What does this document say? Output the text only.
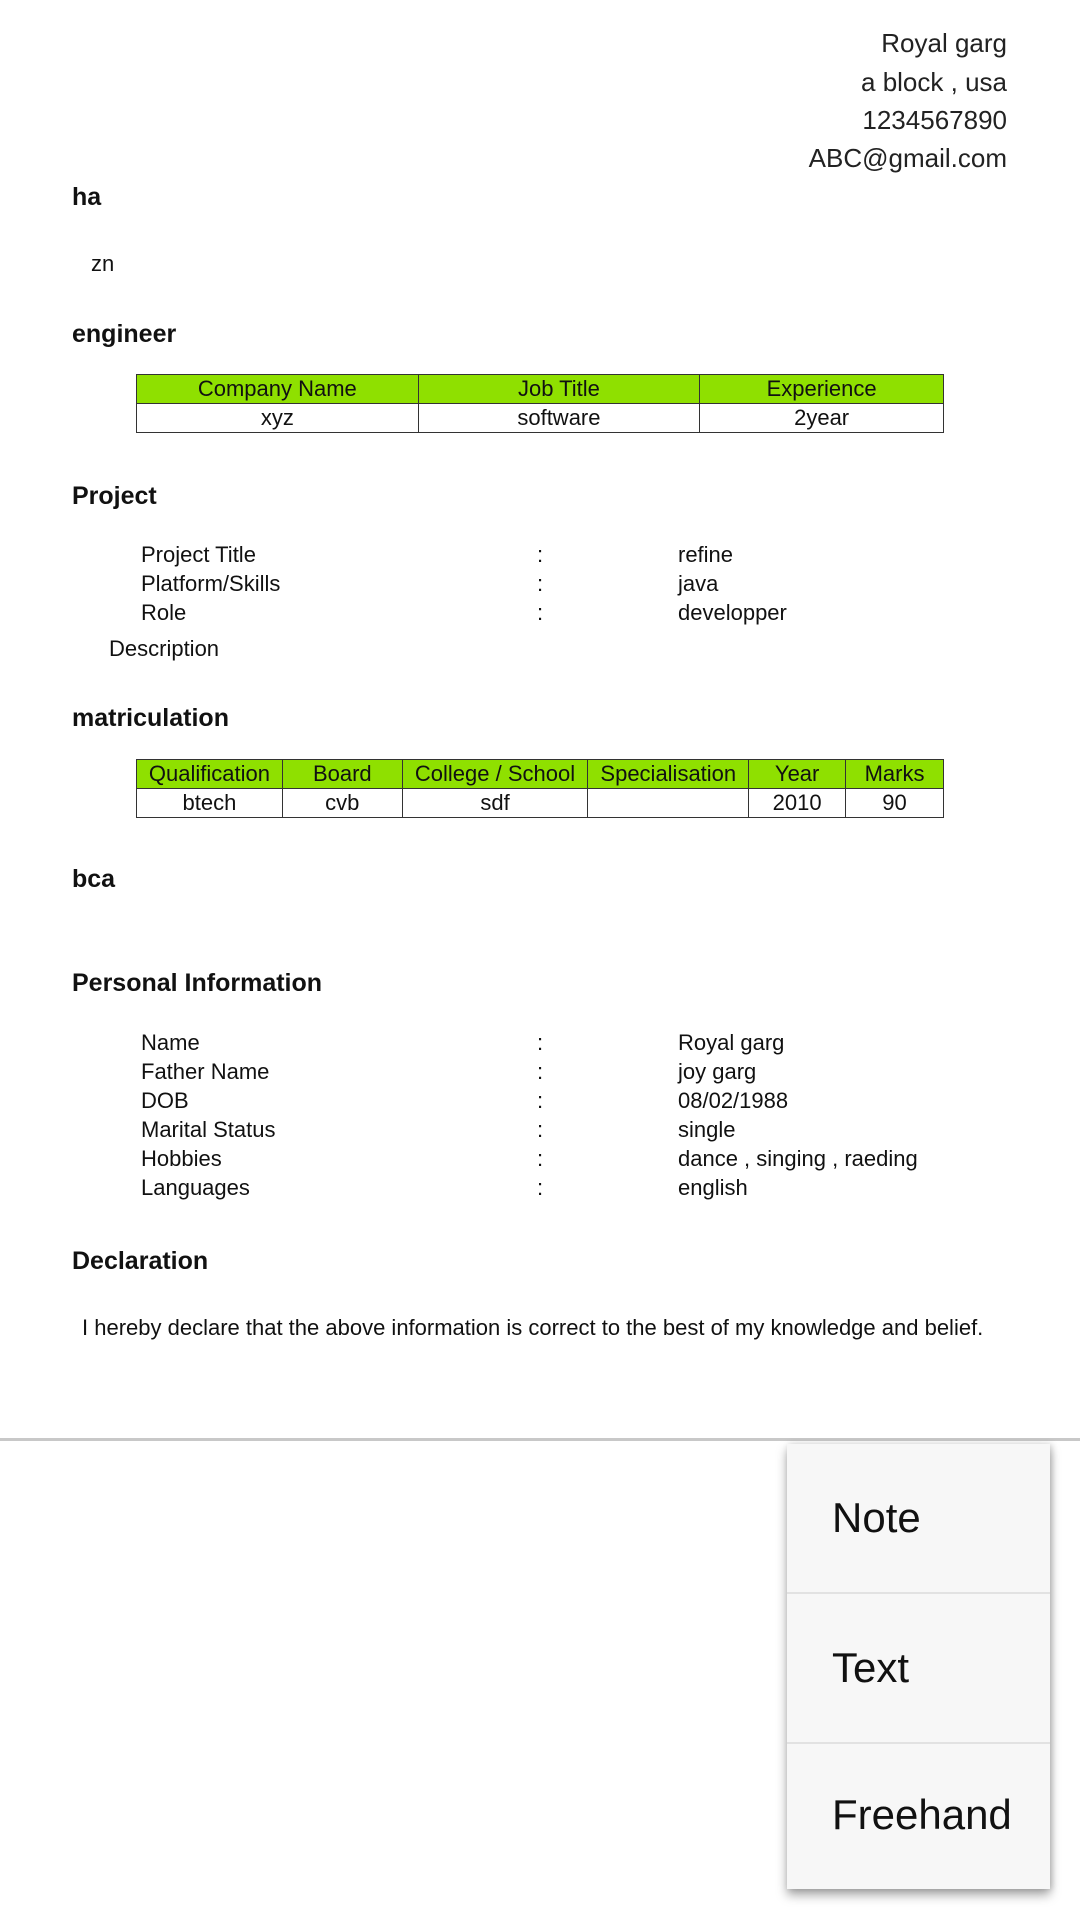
Royal garg
a block , usa
1234567890
ABC@gmail.com
ha
zn
engineer
Company Name	Job Title	Experience
xyz	software	2year
Project
Project Title	:	refine
Platform/Skills	:	java
Role	:	developper
Description
matriculation
Qualification	Board	College / School	Specialisation	Year	Marks
btech	cvb	sdf		2010	90
bca
Personal Information
Name	:	Royal garg
Father Name	:	joy garg
DOB	:	08/02/1988
Marital Status	:	single
Hobbies	:	dance , singing , raeding
Languages	:	english
Declaration
I hereby declare that the above information is correct to the best of my knowledge and belief.
Note
Text
Freehand
